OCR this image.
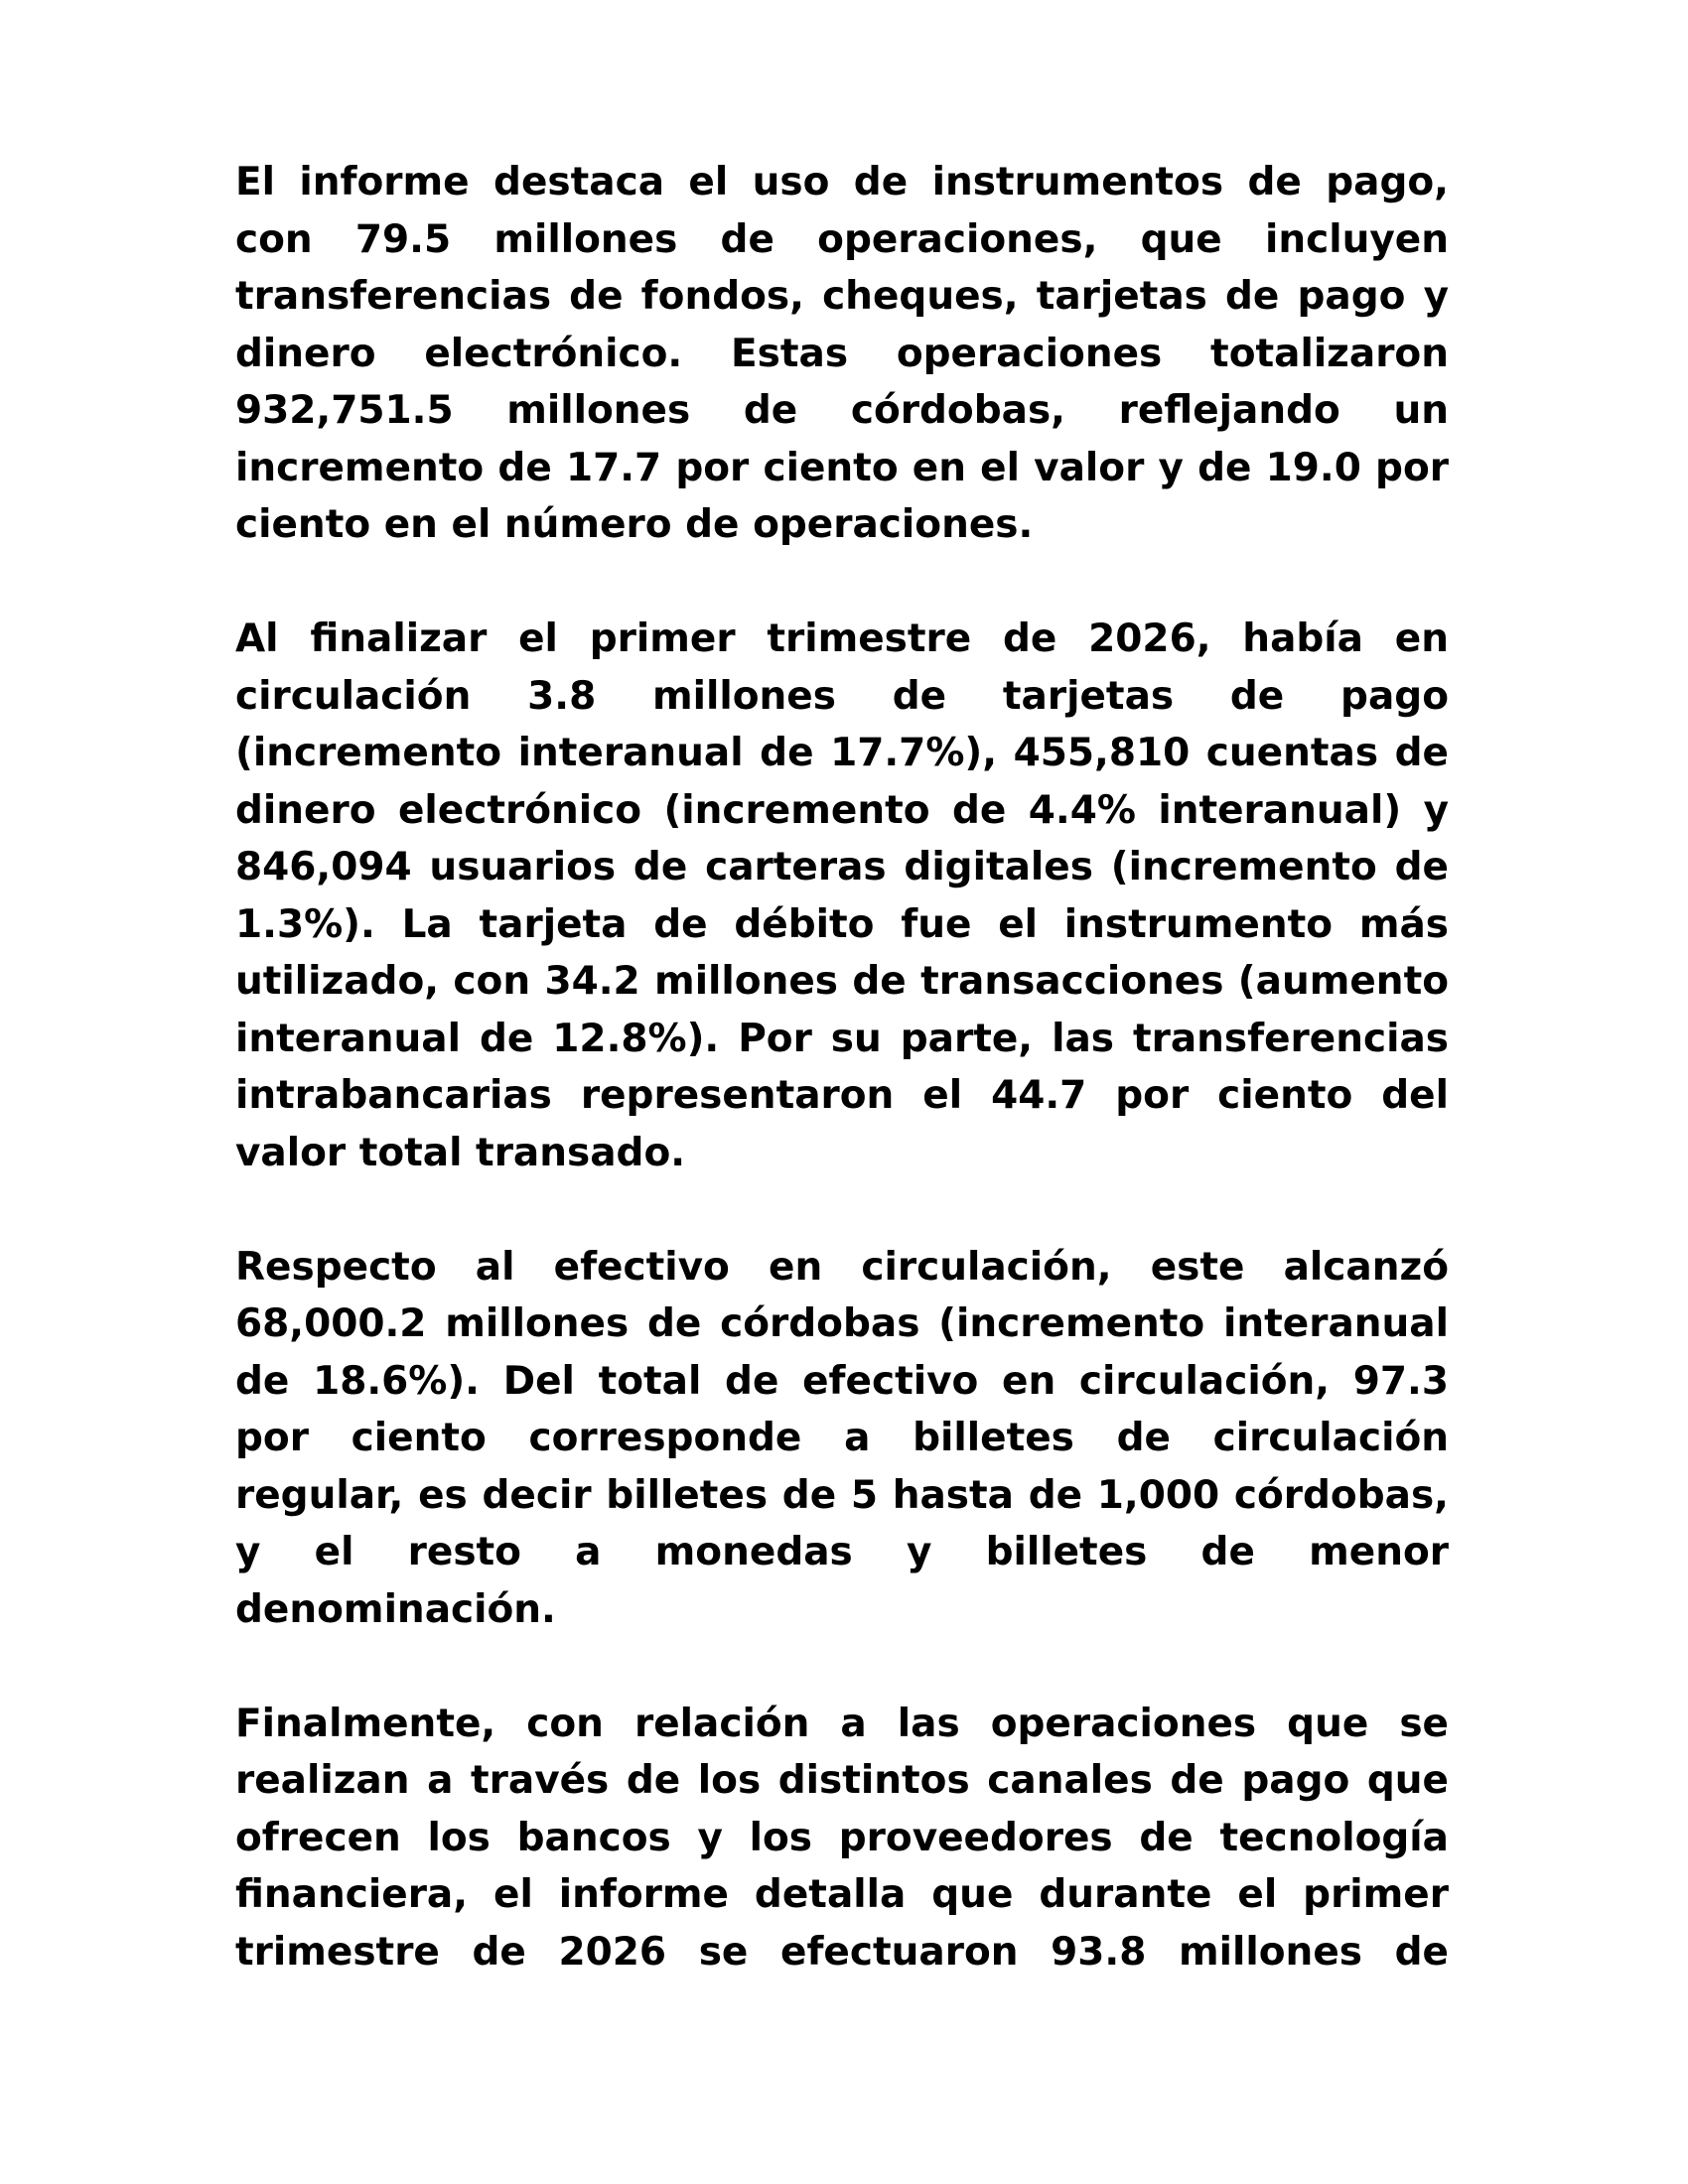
El informe destaca el uso de instrumentos de pago, con 79.5 millones de operaciones, que incluyen transferencias de fondos, cheques, tarjetas de pago y dinero electrónico. Estas operaciones totalizaron 932,751.5 millones de córdobas, reflejando un incremento de 17.7 por ciento en el valor y de 19.0 por ciento en el número de operaciones.

Al finalizar el primer trimestre de 2026, había en circulación 3.8 millones de tarjetas de pago (incremento interanual de 17.7%), 455,810 cuentas de dinero electrónico (incremento de 4.4% interanual) y 846,094 usuarios de carteras digitales (incremento de 1.3%). La tarjeta de débito fue el instrumento más utilizado, con 34.2 millones de transacciones (aumento interanual de 12.8%). Por su parte, las transferencias intrabancarias representaron el 44.7 por ciento del valor total transado.

Respecto al efectivo en circulación, este alcanzó 68,000.2 millones de córdobas (incremento interanual de 18.6%). Del total de efectivo en circulación, 97.3 por ciento corresponde a billetes de circulación regular, es decir billetes de 5 hasta de 1,000 córdobas, y el resto a monedas y billetes de menor denominación.

Finalmente, con relación a las operaciones que se realizan a través de los distintos canales de pago que ofrecen los bancos y los proveedores de tecnología financiera, el informe detalla que durante el primer trimestre de 2026 se efectuaron 93.8 millones de
